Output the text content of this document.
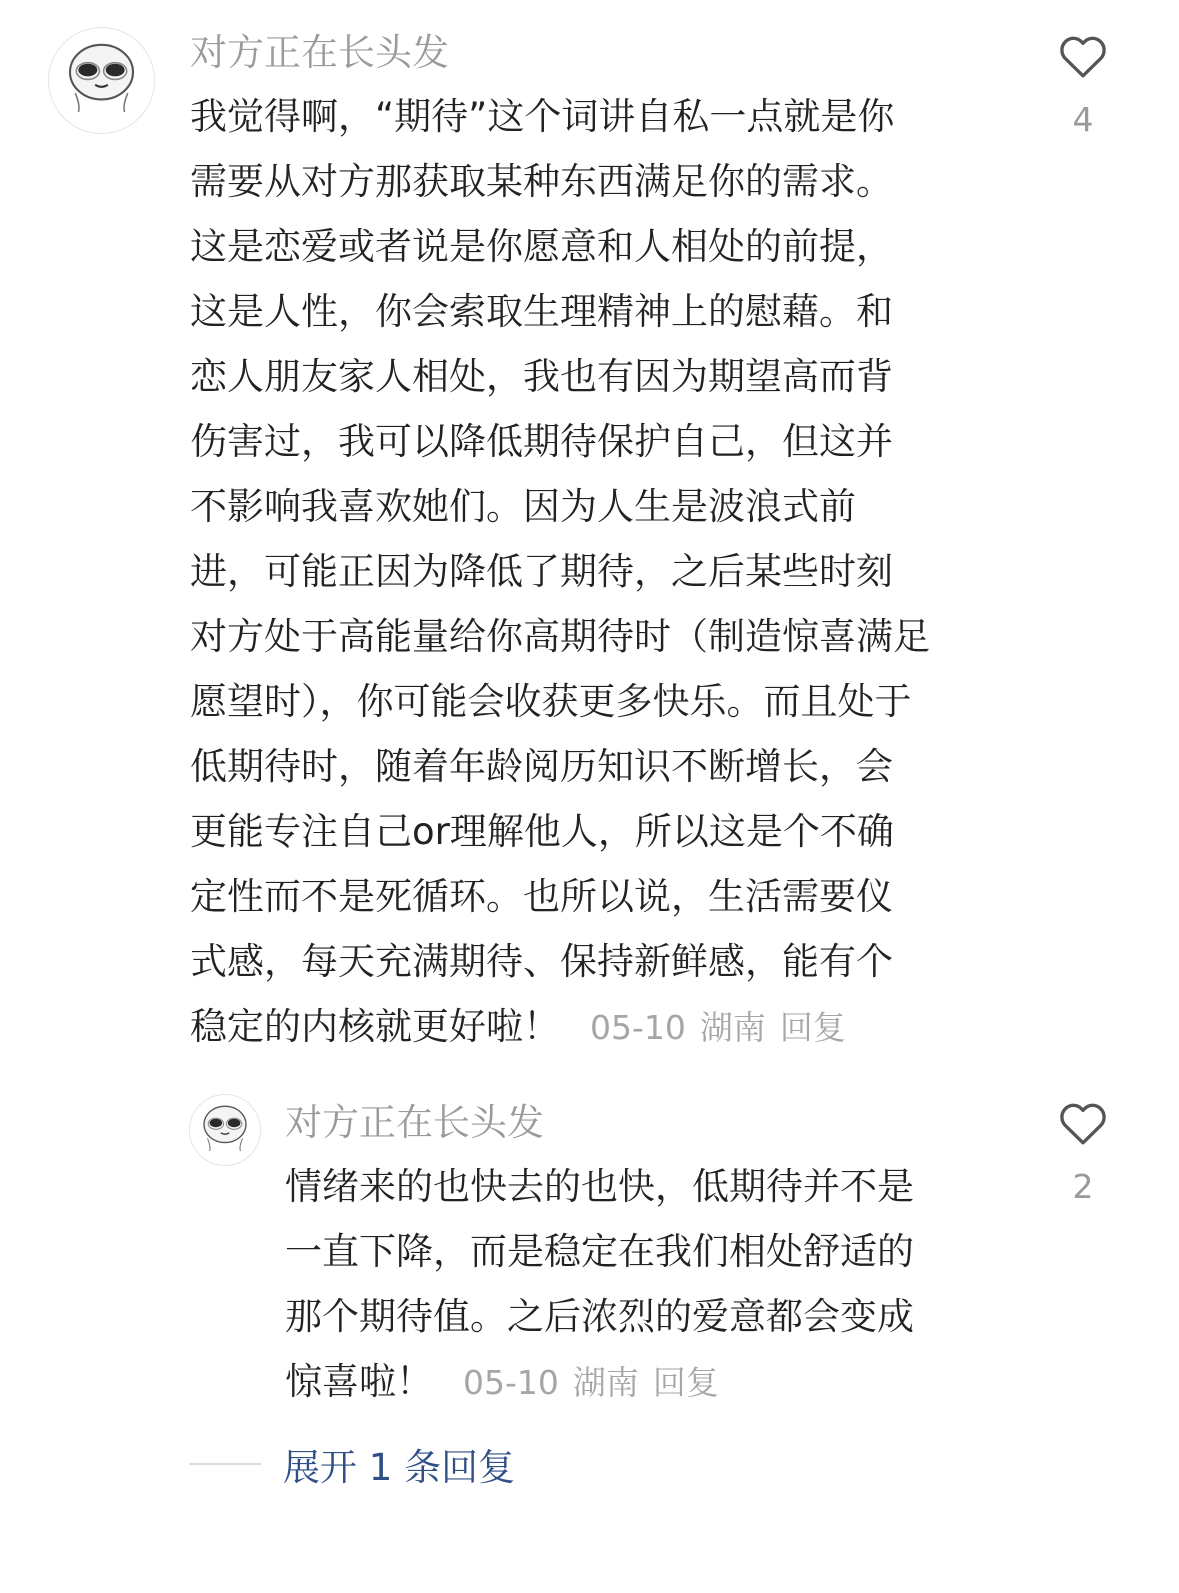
对方正在长头发
我觉得啊，“期待”这个词讲自私一点就是你
需要从对方那获取某种东西满足你的需求。
这是恋爱或者说是你愿意和人相处的前提，
这是人性，你会索取生理精神上的慰藉。和
恋人朋友家人相处，我也有因为期望高而背
伤害过，我可以降低期待保护自己，但这并
不影响我喜欢她们。因为人生是波浪式前
进，可能正因为降低了期待，之后某些时刻
对方处于高能量给你高期待时（制造惊喜满足
愿望时），你可能会收获更多快乐。而且处于
低期待时，随着年龄阅历知识不断增长，会
更能专注自己or理解他人，所以这是个不确
定性而不是死循环。也所以说，生活需要仪
式感，每天充满期待、保持新鲜感，能有个
稳定的内核就更好啦！ 05-10 湖南 回复
4
对方正在长头发
情绪来的也快去的也快，低期待并不是
一直下降，而是稳定在我们相处舒适的
那个期待值。之后浓烈的爱意都会变成
惊喜啦！ 05-10 湖南 回复
2
展开 1 条回复
